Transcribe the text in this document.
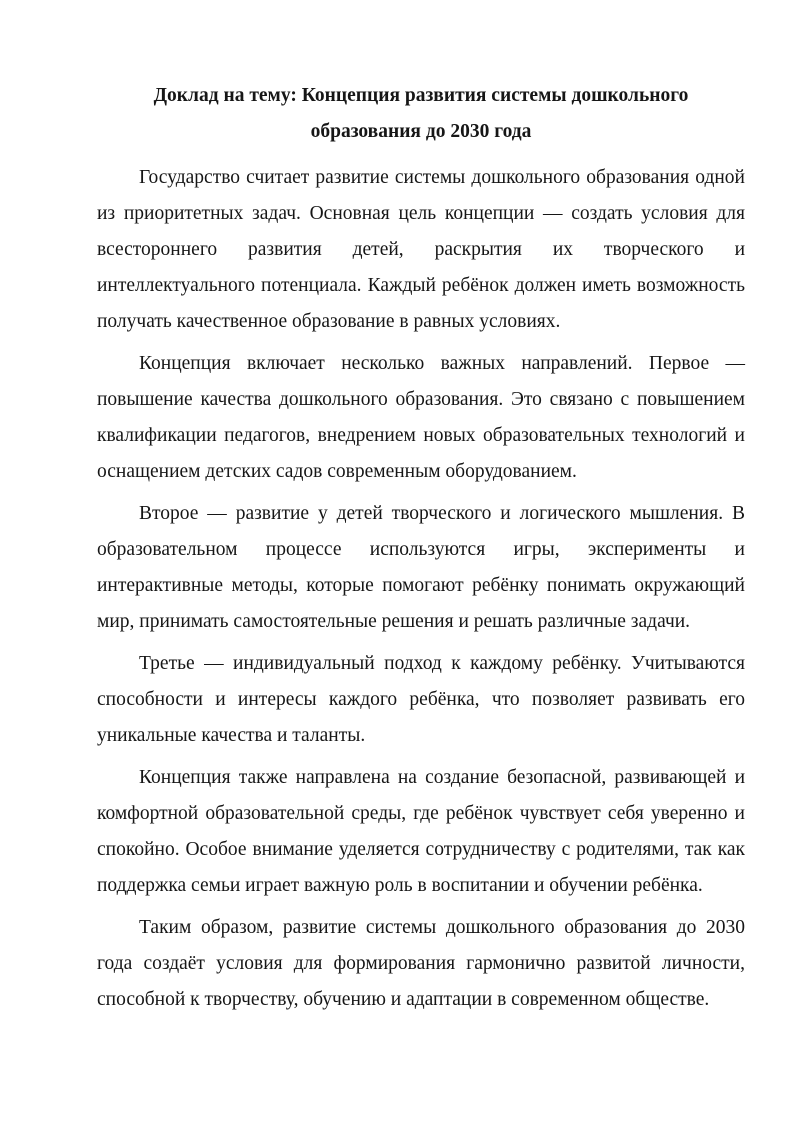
Доклад на тему: Концепция развития системы дошкольного образования до 2030 года

Государство считает развитие системы дошкольного образования одной из приоритетных задач. Основная цель концепции — создать условия для всестороннего развития детей, раскрытия их творческого и интеллектуального потенциала. Каждый ребёнок должен иметь возможность получать качественное образование в равных условиях.

Концепция включает несколько важных направлений. Первое — повышение качества дошкольного образования. Это связано с повышением квалификации педагогов, внедрением новых образовательных технологий и оснащением детских садов современным оборудованием.

Второе — развитие у детей творческого и логического мышления. В образовательном процессе используются игры, эксперименты и интерактивные методы, которые помогают ребёнку понимать окружающий мир, принимать самостоятельные решения и решать различные задачи.

Третье — индивидуальный подход к каждому ребёнку. Учитываются способности и интересы каждого ребёнка, что позволяет развивать его уникальные качества и таланты.

Концепция также направлена на создание безопасной, развивающей и комфортной образовательной среды, где ребёнок чувствует себя уверенно и спокойно. Особое внимание уделяется сотрудничеству с родителями, так как поддержка семьи играет важную роль в воспитании и обучении ребёнка.

Таким образом, развитие системы дошкольного образования до 2030 года создаёт условия для формирования гармонично развитой личности, способной к творчеству, обучению и адаптации в современном обществе.
